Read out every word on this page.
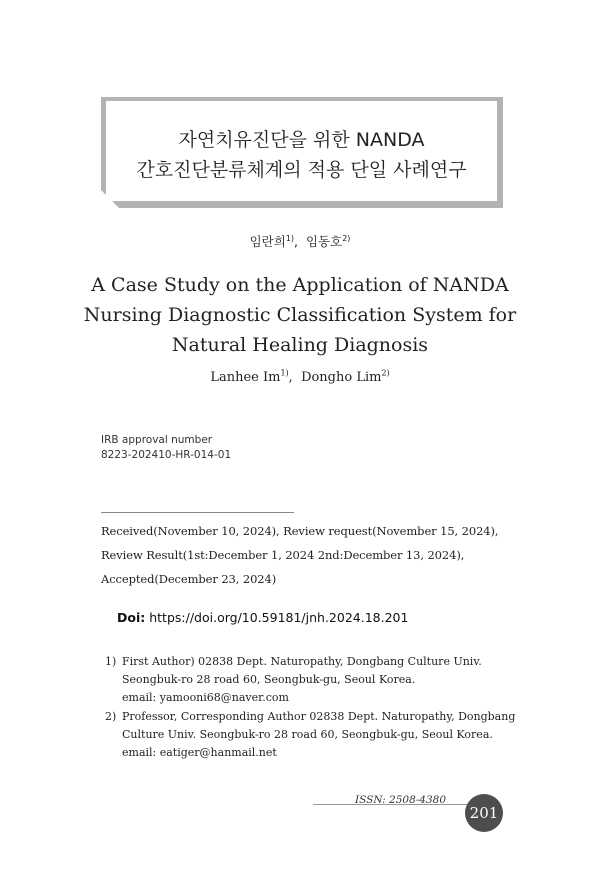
자연치유진단을 위한 NANDA
간호진단분류체계의 적용 단일 사례연구
임란희$^{1)}$,  임동호$^{2)}$
A Case Study on the Application of NANDA
Nursing Diagnostic Classification System for
Natural Healing Diagnosis
Lanhee Im$^{1)}$,  Dongho Lim$^{2)}$
IRB approval number
8223-202410-HR-014-01
Received(November 10, 2024), Review request(November 15, 2024),
Review Result(1st:December 1, 2024 2nd:December 13, 2024),
Accepted(December 23, 2024)
Doi: https://doi.org/10.59181/jnh.2024.18.201
1) First Author) 02838 Dept. Naturopathy, Dongbang Culture Univ.
Seongbuk-ro 28 road 60, Seongbuk-gu, Seoul Korea.
email: yamooni68@naver.com
2) Professor, Corresponding Author 02838 Dept. Naturopathy, Dongbang
Culture Univ. Seongbuk-ro 28 road 60, Seongbuk-gu, Seoul Korea.
email: eatiger@hanmail.net
ISSN: 2508-4380
201
